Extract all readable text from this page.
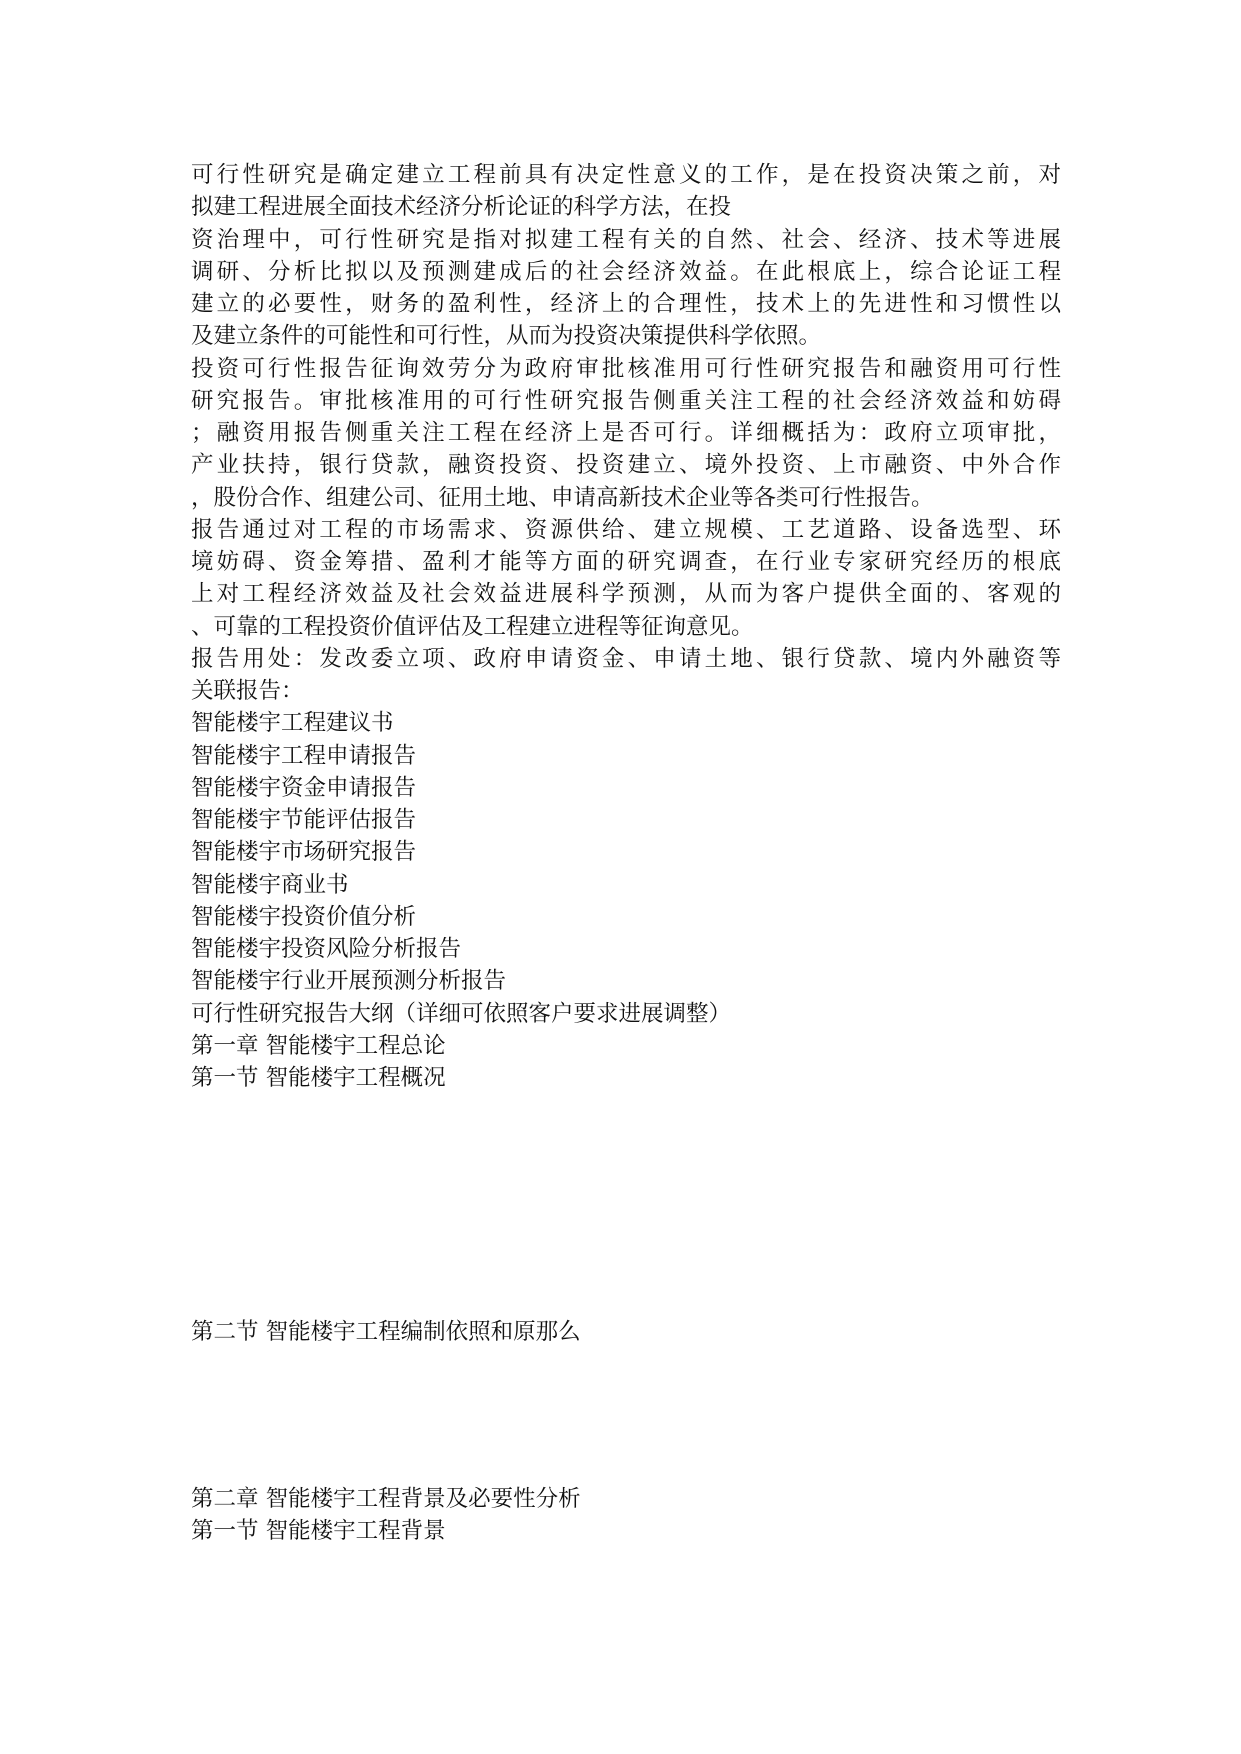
可行性研究是确定建立工程前具有决定性意义的工作，是在投资决策之前，对
拟建工程进展全面技术经济分析论证的科学方法，在投
资治理中，可行性研究是指对拟建工程有关的自然、社会、经济、技术等进展
调研、分析比拟以及预测建成后的社会经济效益。在此根底上，综合论证工程
建立的必要性，财务的盈利性，经济上的合理性，技术上的先进性和习惯性以
及建立条件的可能性和可行性，从而为投资决策提供科学依照。
投资可行性报告征询效劳分为政府审批核准用可行性研究报告和融资用可行性
研究报告。审批核准用的可行性研究报告侧重关注工程的社会经济效益和妨碍
；融资用报告侧重关注工程在经济上是否可行。详细概括为：政府立项审批，
产业扶持，银行贷款，融资投资、投资建立、境外投资、上市融资、中外合作
，股份合作、组建公司、征用土地、申请高新技术企业等各类可行性报告。
报告通过对工程的市场需求、资源供给、建立规模、工艺道路、设备选型、环
境妨碍、资金筹措、盈利才能等方面的研究调查，在行业专家研究经历的根底
上对工程经济效益及社会效益进展科学预测，从而为客户提供全面的、客观的
、可靠的工程投资价值评估及工程建立进程等征询意见。
报告用处：发改委立项、政府申请资金、申请土地、银行贷款、境内外融资等
关联报告：
智能楼宇工程建议书
智能楼宇工程申请报告
智能楼宇资金申请报告
智能楼宇节能评估报告
智能楼宇市场研究报告
智能楼宇商业书
智能楼宇投资价值分析
智能楼宇投资风险分析报告
智能楼宇行业开展预测分析报告
可行性研究报告大纲（详细可依照客户要求进展调整）
第一章 智能楼宇工程总论
第一节 智能楼宇工程概况
第二节 智能楼宇工程编制依照和原那么
第二章 智能楼宇工程背景及必要性分析
第一节 智能楼宇工程背景
